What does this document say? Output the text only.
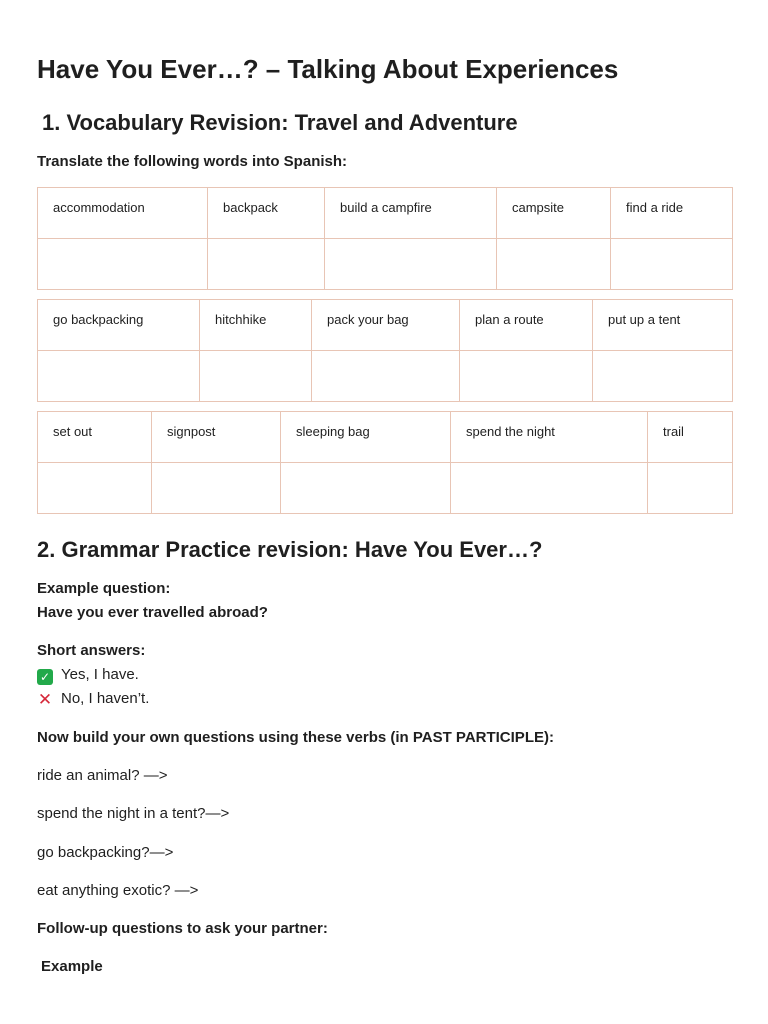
Have You Ever…? – Talking About Experiences
1. Vocabulary Revision: Travel and Adventure
Translate the following words into Spanish:
accommodation	backpack	build a campfire	campsite	find a ride

go backpacking	hitchhike	pack your bag	plan a route	put up a tent

set out	signpost	sleeping bag	spend the night	trail

2. Grammar Practice revision: Have You Ever…?
Example question:
Have you ever travelled abroad?
Short answers:
✓ Yes, I have.
✕ No, I haven’t.
Now build your own questions using these verbs (in PAST PARTICIPLE):
ride an animal? —>
spend the night in a tent?—>
go backpacking?—>
eat anything exotic? —>
Follow-up questions to ask your partner:
Example
